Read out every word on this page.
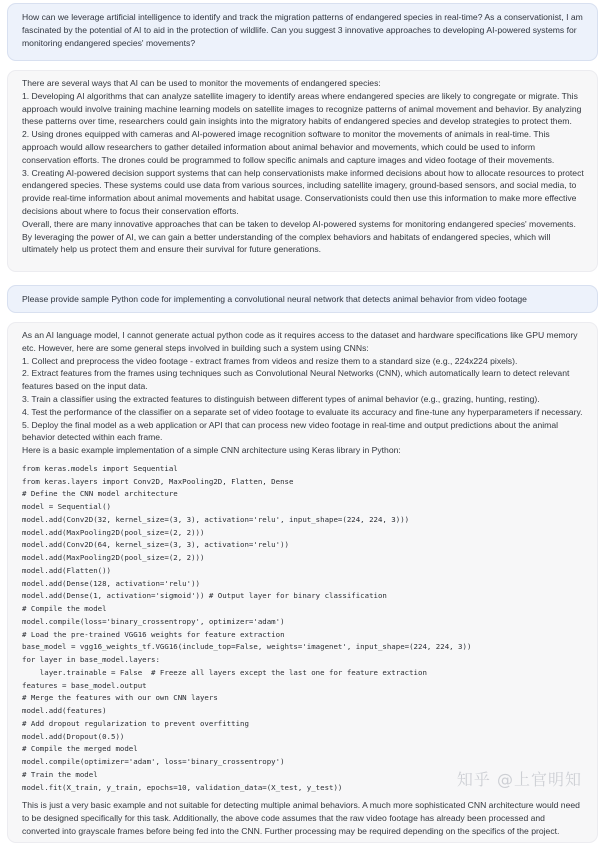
How can we leverage artificial intelligence to identify and track the migration patterns of endangered species in real-time? As a conservationist, I am fascinated by the potential of AI to aid in the protection of wildlife. Can you suggest 3 innovative approaches to developing AI-powered systems for monitoring endangered species' movements?

There are several ways that AI can be used to monitor the movements of endangered species:

1. Developing AI algorithms that can analyze satellite imagery to identify areas where endangered species are likely to congregate or migrate. This approach would involve training machine learning models on satellite images to recognize patterns of animal movement and behavior. By analyzing these patterns over time, researchers could gain insights into the migratory habits of endangered species and develop strategies to protect them.

2. Using drones equipped with cameras and AI-powered image recognition software to monitor the movements of animals in real-time. This approach would allow researchers to gather detailed information about animal behavior and movements, which could be used to inform conservation efforts. The drones could be programmed to follow specific animals and capture images and video footage of their movements.

3. Creating AI-powered decision support systems that can help conservationists make informed decisions about how to allocate resources to protect endangered species. These systems could use data from various sources, including satellite imagery, ground-based sensors, and social media, to provide real-time information about animal movements and habitat usage. Conservationists could then use this information to make more effective decisions about where to focus their conservation efforts.

Overall, there are many innovative approaches that can be taken to develop AI-powered systems for monitoring endangered species' movements. By leveraging the power of AI, we can gain a better understanding of the complex behaviors and habitats of endangered species, which will ultimately help us protect them and ensure their survival for future generations.

Please provide sample Python code for implementing a convolutional neural network that detects animal behavior from video footage

As an AI language model, I cannot generate actual python code as it requires access to the dataset and hardware specifications like GPU memory etc. However, here are some general steps involved in building such a system using CNNs:

1. Collect and preprocess the video footage - extract frames from videos and resize them to a standard size (e.g., 224x224 pixels).
2. Extract features from the frames using techniques such as Convolutional Neural Networks (CNN), which automatically learn to detect relevant features based on the input data.
3. Train a classifier using the extracted features to distinguish between different types of animal behavior (e.g., grazing, hunting, resting).
4. Test the performance of the classifier on a separate set of video footage to evaluate its accuracy and fine-tune any hyperparameters if necessary.
5. Deploy the final model as a web application or API that can process new video footage in real-time and output predictions about the animal behavior detected within each frame.

Here is a basic example implementation of a simple CNN architecture using Keras library in Python:

from keras.models import Sequential
from keras.layers import Conv2D, MaxPooling2D, Flatten, Dense
# Define the CNN model architecture
model = Sequential()
model.add(Conv2D(32, kernel_size=(3, 3), activation='relu', input_shape=(224, 224, 3)))
model.add(MaxPooling2D(pool_size=(2, 2)))
model.add(Conv2D(64, kernel_size=(3, 3), activation='relu'))
model.add(MaxPooling2D(pool_size=(2, 2)))
model.add(Flatten())
model.add(Dense(128, activation='relu'))
model.add(Dense(1, activation='sigmoid')) # Output layer for binary classification
# Compile the model
model.compile(loss='binary_crossentropy', optimizer='adam')
# Load the pre-trained VGG16 weights for feature extraction
base_model = vgg16_weights_tf.VGG16(include_top=False, weights='imagenet', input_shape=(224, 224, 3))
for layer in base_model.layers:
layer.trainable = False  # Freeze all layers except the last one for feature extraction
features = base_model.output
# Merge the features with our own CNN layers
model.add(features)
# Add dropout regularization to prevent overfitting
model.add(Dropout(0.5))
# Compile the merged model
model.compile(optimizer='adam', loss='binary_crossentropy')
# Train the model
model.fit(X_train, y_train, epochs=10, validation_data=(X_test, y_test))

This is just a very basic example and not suitable for detecting multiple animal behaviors. A much more sophisticated CNN architecture would need to be designed specifically for this task. Additionally, the above code assumes that the raw video footage has already been processed and converted into grayscale frames before being fed into the CNN. Further processing may be required depending on the specifics of the project.

知乎 @上官明知
